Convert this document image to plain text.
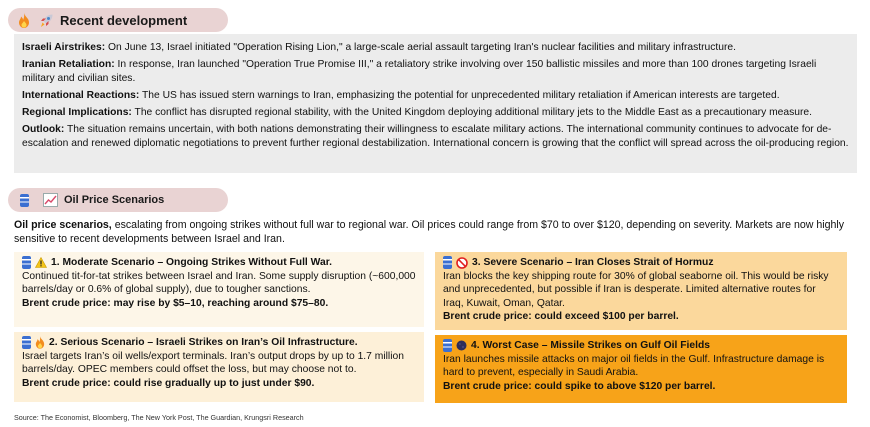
Recent development

Israeli Airstrikes: On June 13, Israel initiated "Operation Rising Lion," a large-scale aerial assault targeting Iran's nuclear facilities and military infrastructure.

Iranian Retaliation: In response, Iran launched "Operation True Promise III," a retaliatory strike involving over 150 ballistic missiles and more than 100 drones targeting Israeli military and civilian sites.

International Reactions: The US has issued stern warnings to Iran, emphasizing the potential for unprecedented military retaliation if American interests are targeted.

Regional Implications: The conflict has disrupted regional stability, with the United Kingdom deploying additional military jets to the Middle East as a precautionary measure.

Outlook: The situation remains uncertain, with both nations demonstrating their willingness to escalate military actions. The international community continues to advocate for de-escalation and renewed diplomatic negotiations to prevent further regional destabilization. International concern is growing that the conflict will spread across the oil-producing region.

Oil Price Scenarios
Oil price scenarios, escalating from ongoing strikes without full war to regional war. Oil prices could range from $70 to over $120, depending on severity. Markets are now highly sensitive to recent developments between Israel and Iran.
1. Moderate Scenario – Ongoing Strikes Without Full War.
Continued tit-for-tat strikes between Israel and Iran. Some supply disruption (~600,000 barrels/day or 0.6% of global supply), due to tougher sanctions.
Brent crude price: may rise by $5–10, reaching around $75–80.
2. Serious Scenario – Israeli Strikes on Iran’s Oil Infrastructure.
Israel targets Iran’s oil wells/export terminals. Iran’s output drops by up to 1.7 million barrels/day. OPEC members could offset the loss, but may choose not to.
Brent crude price: could rise gradually up to just under $90.
3. Severe Scenario – Iran Closes Strait of Hormuz
Iran blocks the key shipping route for 30% of global seaborne oil. This would be risky and unprecedented, but possible if Iran is desperate. Limited alternative routes for Iraq, Kuwait, Oman, Qatar.
Brent crude price: could exceed $100 per barrel.
4. Worst Case – Missile Strikes on Gulf Oil Fields
Iran launches missile attacks on major oil fields in the Gulf. Infrastructure damage is hard to prevent, especially in Saudi Arabia.
Brent crude price: could spike to above $120 per barrel.
Source: The Economist, Bloomberg, The New York Post, The Guardian, Krungsri Research
